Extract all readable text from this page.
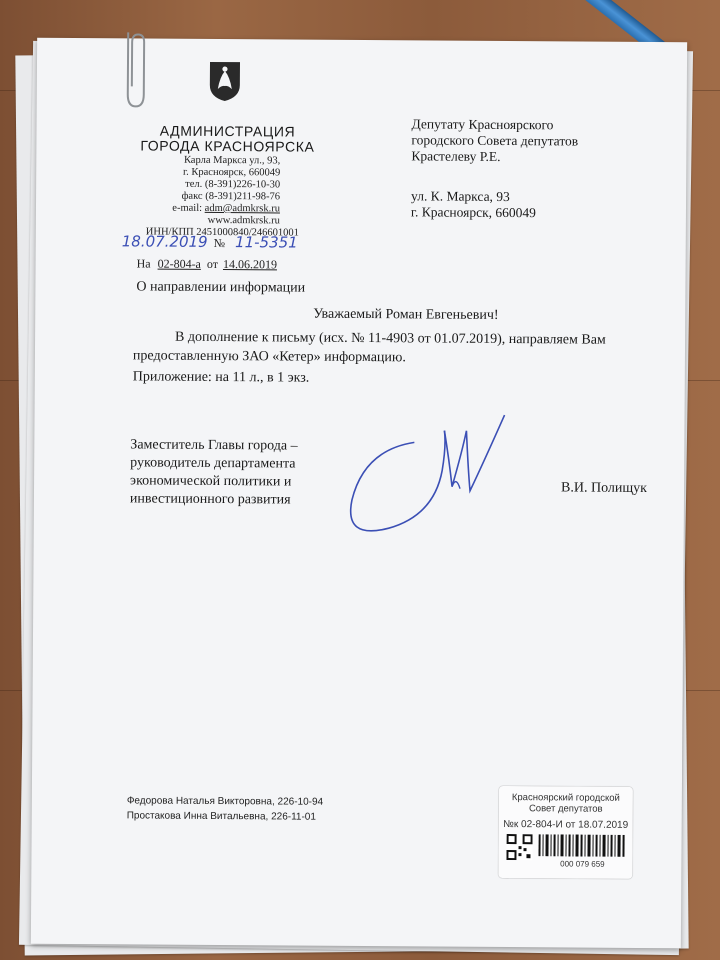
АДМИНИСТРАЦИЯ
ГОРОДА КРАСНОЯРСКА
Карла Маркса ул., 93,
г. Красноярск, 660049
тел. (8-391)226-10-30
факс (8-391)211-98-76
e-mail: adm@admkrsk.ru
www.admkrsk.ru
ИНН/КПП 2451000840/246601001
18.07.2019 № 11-5351
На 02-804-а от 14.06.2019
Депутату Красноярского
городского Совета депутатов
Крастелеву Р.Е.
ул. К. Маркса, 93
г. Красноярск, 660049
О направлении информации
Уважаемый Роман Евгеньевич!
В дополнение к письму (исх. № 11-4903 от 01.07.2019), направляем Вам
предоставленную ЗАО «Кетер» информацию.
Приложение: на 11 л., в 1 экз.
Заместитель Главы города –
руководитель департамента
экономической политики и
инвестиционного развития
В.И. Полищук
Федорова Наталья Викторовна, 226-10-94
Простакова Инна Витальевна, 226-11-01
Красноярский городской
Совет депутатов
№к 02-804-И от 18.07.2019
000 079 659
